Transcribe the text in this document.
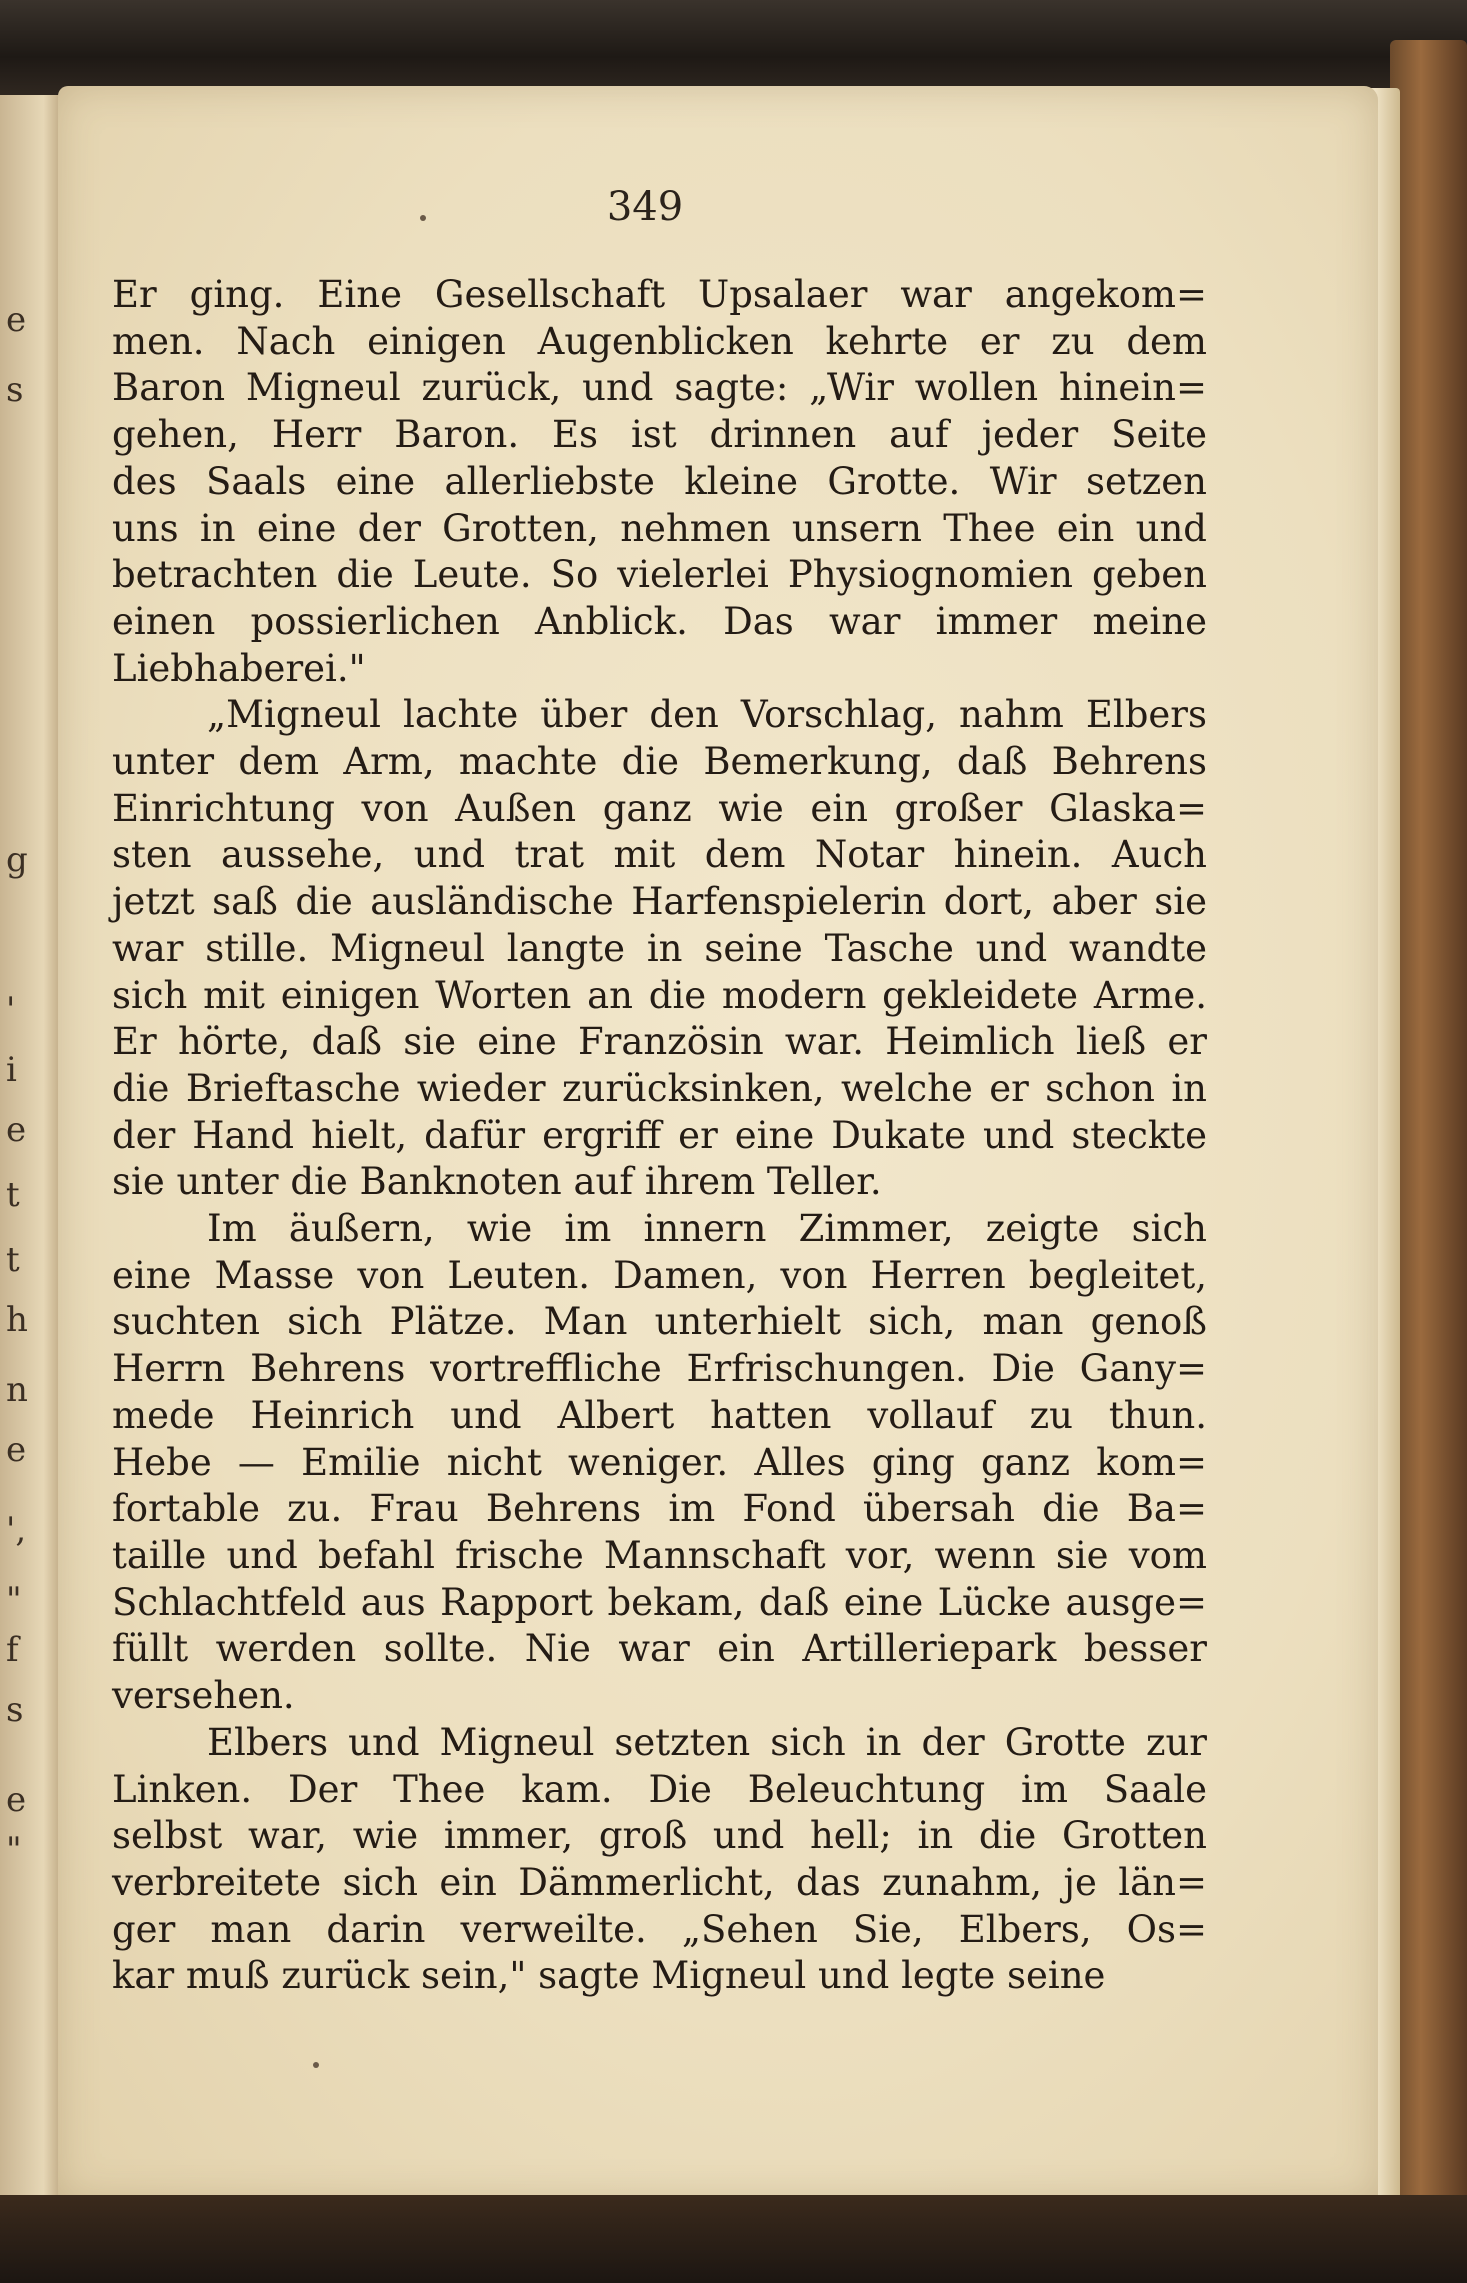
e
s
g
'
i
e
t
t
h
n
e
',
"
f
s
e
"
349
Er ging. Eine Gesellschaft Upsalaer war angekom=
men. Nach einigen Augenblicken kehrte er zu dem
Baron Migneul zurück, und sagte: „Wir wollen hinein=
gehen, Herr Baron. Es ist drinnen auf jeder Seite
des Saals eine allerliebste kleine Grotte. Wir setzen
uns in eine der Grotten, nehmen unsern Thee ein und
betrachten die Leute. So vielerlei Physiognomien geben
einen possierlichen Anblick. Das war immer meine
Liebhaberei."
„Migneul lachte über den Vorschlag, nahm Elbers
unter dem Arm, machte die Bemerkung, daß Behrens
Einrichtung von Außen ganz wie ein großer Glaska=
sten aussehe, und trat mit dem Notar hinein. Auch
jetzt saß die ausländische Harfenspielerin dort, aber sie
war stille. Migneul langte in seine Tasche und wandte
sich mit einigen Worten an die modern gekleidete Arme.
Er hörte, daß sie eine Französin war. Heimlich ließ er
die Brieftasche wieder zurücksinken, welche er schon in
der Hand hielt, dafür ergriff er eine Dukate und steckte
sie unter die Banknoten auf ihrem Teller.
Im äußern, wie im innern Zimmer, zeigte sich
eine Masse von Leuten. Damen, von Herren begleitet,
suchten sich Plätze. Man unterhielt sich, man genoß
Herrn Behrens vortreffliche Erfrischungen. Die Gany=
mede Heinrich und Albert hatten vollauf zu thun.
Hebe — Emilie nicht weniger. Alles ging ganz kom=
fortable zu. Frau Behrens im Fond übersah die Ba=
taille und befahl frische Mannschaft vor, wenn sie vom
Schlachtfeld aus Rapport bekam, daß eine Lücke ausge=
füllt werden sollte. Nie war ein Artilleriepark besser
versehen.
Elbers und Migneul setzten sich in der Grotte zur
Linken. Der Thee kam. Die Beleuchtung im Saale
selbst war, wie immer, groß und hell; in die Grotten
verbreitete sich ein Dämmerlicht, das zunahm, je län=
ger man darin verweilte. „Sehen Sie, Elbers, Os=
kar muß zurück sein," sagte Migneul und legte seine
